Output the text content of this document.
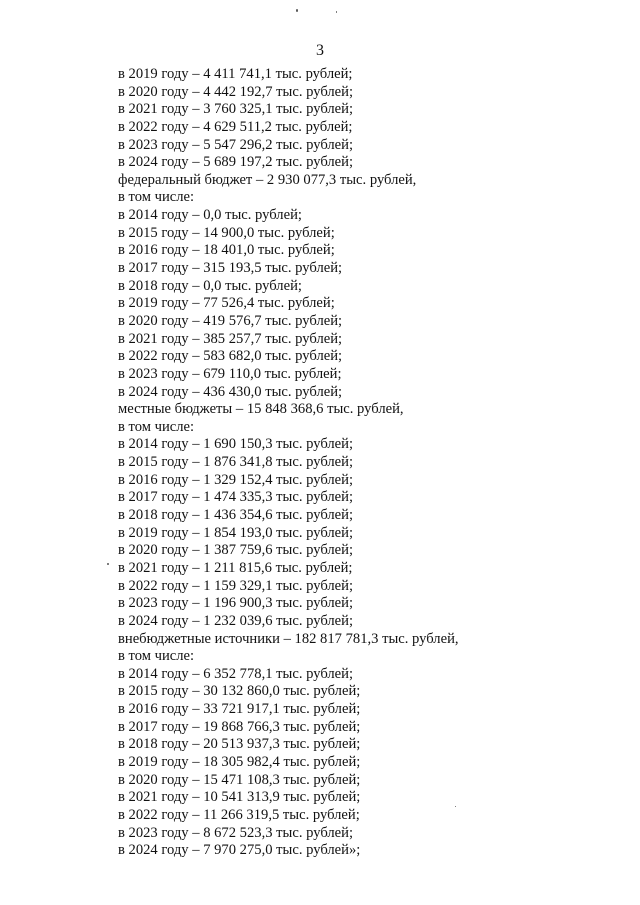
3
в 2019 году – 4 411 741,1 тыс. рублей;
в 2020 году – 4 442 192,7 тыс. рублей;
в 2021 году – 3 760 325,1 тыс. рублей;
в 2022 году – 4 629 511,2 тыс. рублей;
в 2023 году – 5 547 296,2 тыс. рублей;
в 2024 году – 5 689 197,2 тыс. рублей;
федеральный бюджет – 2 930 077,3 тыс. рублей,
в том числе:
в 2014 году – 0,0 тыс. рублей;
в 2015 году – 14 900,0 тыс. рублей;
в 2016 году – 18 401,0 тыс. рублей;
в 2017 году – 315 193,5 тыс. рублей;
в 2018 году – 0,0 тыс. рублей;
в 2019 году – 77 526,4 тыс. рублей;
в 2020 году – 419 576,7 тыс. рублей;
в 2021 году – 385 257,7 тыс. рублей;
в 2022 году – 583 682,0 тыс. рублей;
в 2023 году – 679 110,0 тыс. рублей;
в 2024 году – 436 430,0 тыс. рублей;
местные бюджеты – 15 848 368,6 тыс. рублей,
в том числе:
в 2014 году – 1 690 150,3 тыс. рублей;
в 2015 году – 1 876 341,8 тыс. рублей;
в 2016 году – 1 329 152,4 тыс. рублей;
в 2017 году – 1 474 335,3 тыс. рублей;
в 2018 году – 1 436 354,6 тыс. рублей;
в 2019 году – 1 854 193,0 тыс. рублей;
в 2020 году – 1 387 759,6 тыс. рублей;
в 2021 году – 1 211 815,6 тыс. рублей;
в 2022 году – 1 159 329,1 тыс. рублей;
в 2023 году – 1 196 900,3 тыс. рублей;
в 2024 году – 1 232 039,6 тыс. рублей;
внебюджетные источники – 182 817 781,3 тыс. рублей,
в том числе:
в 2014 году – 6 352 778,1 тыс. рублей;
в 2015 году – 30 132 860,0 тыс. рублей;
в 2016 году – 33 721 917,1 тыс. рублей;
в 2017 году – 19 868 766,3 тыс. рублей;
в 2018 году – 20 513 937,3 тыс. рублей;
в 2019 году – 18 305 982,4 тыс. рублей;
в 2020 году – 15 471 108,3 тыс. рублей;
в 2021 году – 10 541 313,9 тыс. рублей;
в 2022 году – 11 266 319,5 тыс. рублей;
в 2023 году – 8 672 523,3 тыс. рублей;
в 2024 году – 7 970 275,0 тыс. рублей»;
